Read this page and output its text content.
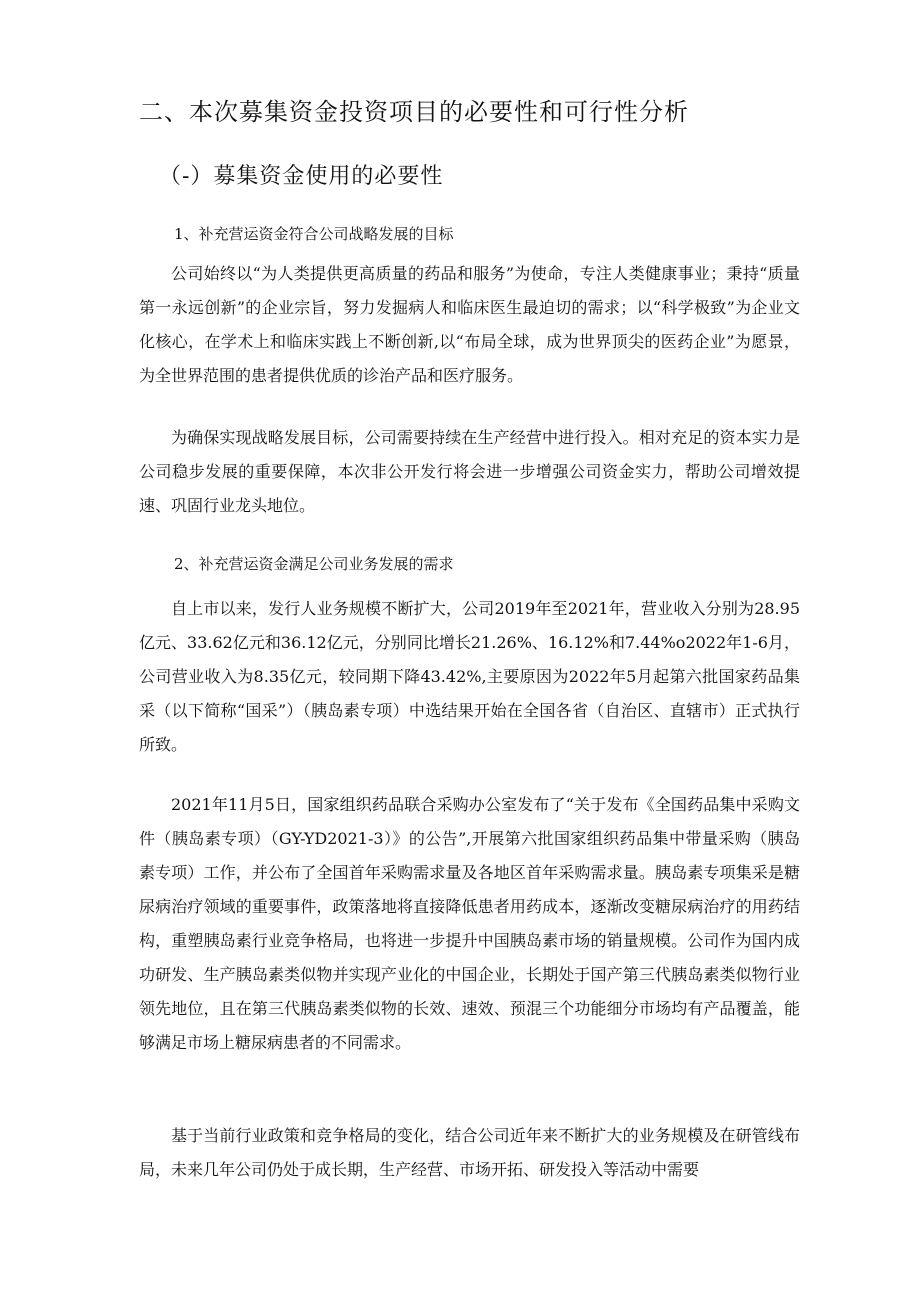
二、本次募集资金投资项目的必要性和可行性分析
（-）募集资金使用的必要性
1、补充营运资金符合公司战略发展的目标

公司始终以“为人类提供更高质量的药品和服务”为使命，专注人类健康事业；秉持“质量第一永远创新”的企业宗旨，努力发掘病人和临床医生最迫切的需求；以“科学极致”为企业文化核心，在学术上和临床实践上不断创新,以“布局全球，成为世界顶尖的医药企业”为愿景，为全世界范围的患者提供优质的诊治产品和医疗服务。

为确保实现战略发展目标，公司需要持续在生产经营中进行投入。相对充足的资本实力是公司稳步发展的重要保障，本次非公开发行将会进一步增强公司资金实力，帮助公司增效提速、巩固行业龙头地位。

2、补充营运资金满足公司业务发展的需求

自上市以来，发行人业务规模不断扩大，公司2019年至2021年，营业收入分别为28.95亿元、33.62亿元和36.12亿元，分别同比增长21.26%、16.12%和7.44%o2022年1-6月，公司营业收入为8.35亿元，较同期下降43.42%,主要原因为2022年5月起第六批国家药品集采（以下简称“国采”）（胰岛素专项）中选结果开始在全国各省（自治区、直辖市）正式执行所致。

2021年11月5日，国家组织药品联合采购办公室发布了“关于发布《全国药品集中采购文件（胰岛素专项）（GY-YD2021-3）》的公告”,开展第六批国家组织药品集中带量采购（胰岛素专项）工作，并公布了全国首年采购需求量及各地区首年采购需求量。胰岛素专项集采是糖尿病治疗领域的重要事件，政策落地将直接降低患者用药成本，逐渐改变糖尿病治疗的用药结构，重塑胰岛素行业竞争格局，也将进一步提升中国胰岛素市场的销量规模。公司作为国内成功研发、生产胰岛素类似物并实现产业化的中国企业，长期处于国产第三代胰岛素类似物行业领先地位，且在第三代胰岛素类似物的长效、速效、预混三个功能细分市场均有产品覆盖，能够满足市场上糖尿病患者的不同需求。

基于当前行业政策和竞争格局的变化，结合公司近年来不断扩大的业务规模及在研管线布局，未来几年公司仍处于成长期，生产经营、市场开拓、研发投入等活动中需要
